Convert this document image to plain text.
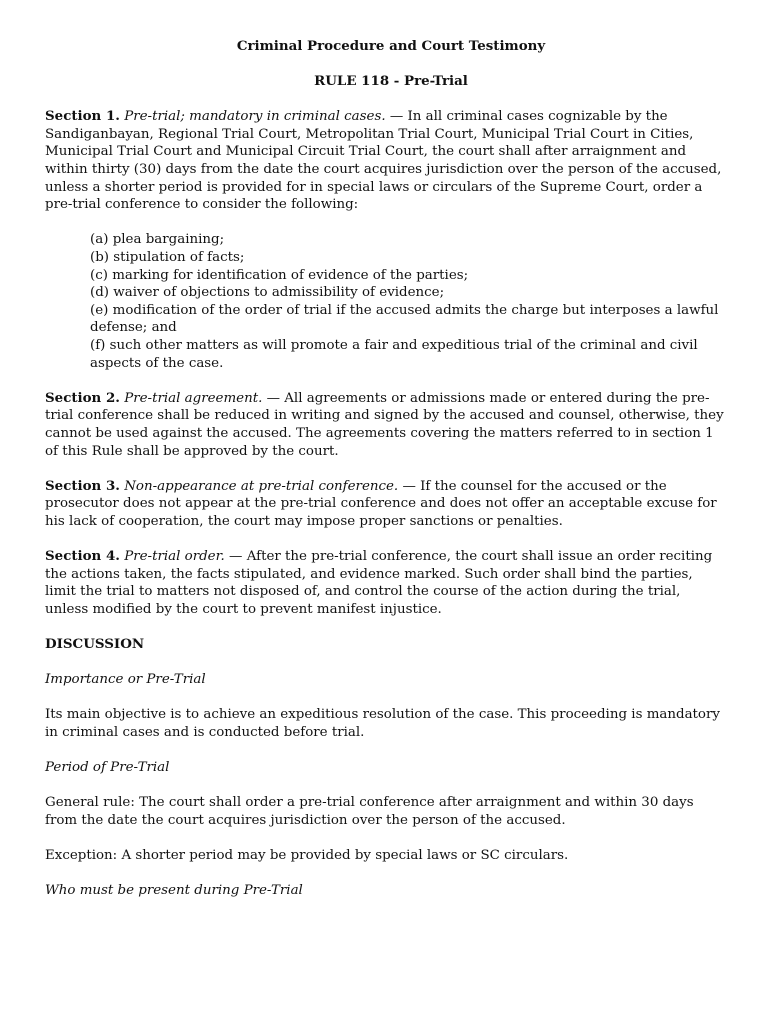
Criminal Procedure and Court Testimony

RULE 118 - Pre-Trial

Section 1. Pre-trial; mandatory in criminal cases. — In all criminal cases cognizable by the Sandiganbayan, Regional Trial Court, Metropolitan Trial Court, Municipal Trial Court in Cities, Municipal Trial Court and Municipal Circuit Trial Court, the court shall after arraignment and within thirty (30) days from the date the court acquires jurisdiction over the person of the accused, unless a shorter period is provided for in special laws or circulars of the Supreme Court, order a pre-trial conference to consider the following:

(a) plea bargaining;
(b) stipulation of facts;
(c) marking for identification of evidence of the parties;
(d) waiver of objections to admissibility of evidence;
(e) modification of the order of trial if the accused admits the charge but interposes a lawful defense; and
(f) such other matters as will promote a fair and expeditious trial of the criminal and civil aspects of the case.

Section 2. Pre-trial agreement. — All agreements or admissions made or entered during the pre-trial conference shall be reduced in writing and signed by the accused and counsel, otherwise, they cannot be used against the accused. The agreements covering the matters referred to in section 1 of this Rule shall be approved by the court.

Section 3. Non-appearance at pre-trial conference. — If the counsel for the accused or the prosecutor does not appear at the pre-trial conference and does not offer an acceptable excuse for his lack of cooperation, the court may impose proper sanctions or penalties.

Section 4. Pre-trial order. — After the pre-trial conference, the court shall issue an order reciting the actions taken, the facts stipulated, and evidence marked. Such order shall bind the parties, limit the trial to matters not disposed of, and control the course of the action during the trial, unless modified by the court to prevent manifest injustice.

DISCUSSION

Importance or Pre-Trial

Its main objective is to achieve an expeditious resolution of the case. This proceeding is mandatory in criminal cases and is conducted before trial.

Period of Pre-Trial

General rule: The court shall order a pre-trial conference after arraignment and within 30 days from the date the court acquires jurisdiction over the person of the accused.

Exception: A shorter period may be provided by special laws or SC circulars.

Who must be present during Pre-Trial
